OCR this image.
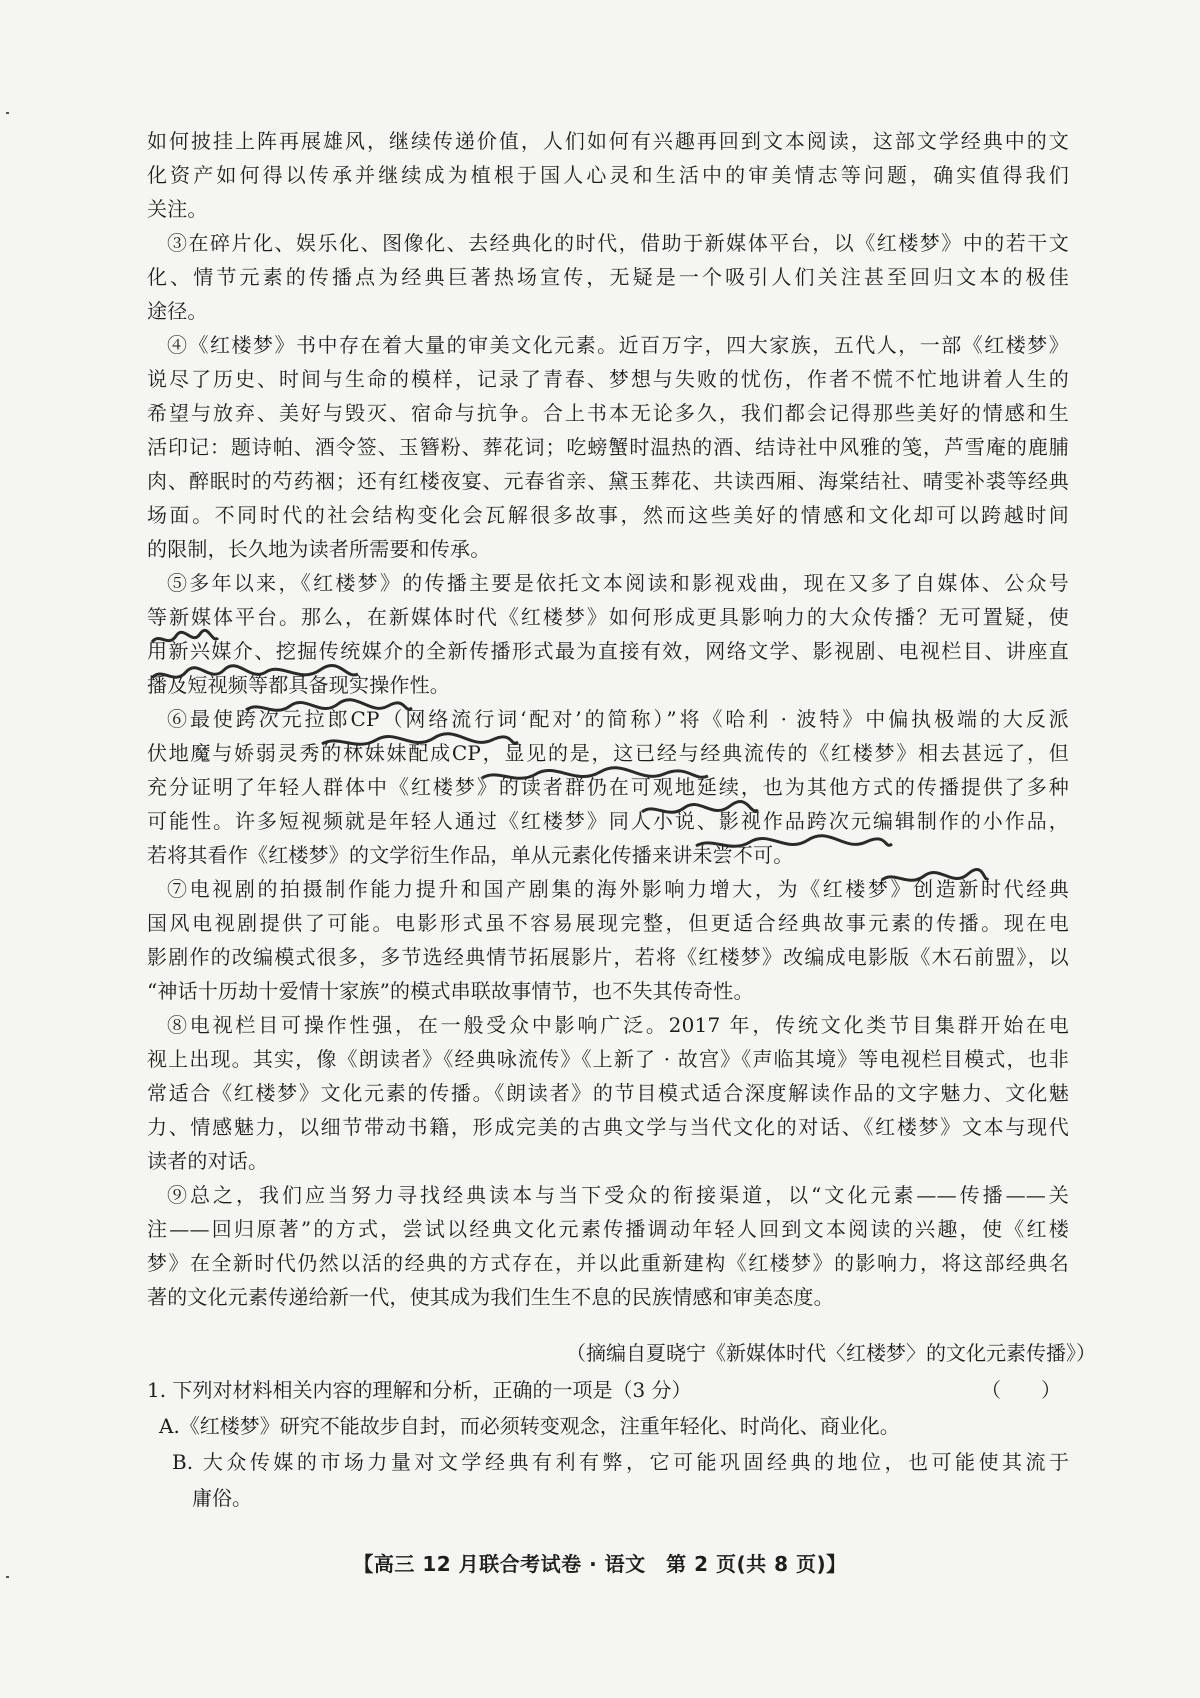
如何披挂上阵再展雄风，继续传递价值，人们如何有兴趣再回到文本阅读，这部文学经典中的文
化资产如何得以传承并继续成为植根于国人心灵和生活中的审美情志等问题，确实值得我们
关注。
③在碎片化、娱乐化、图像化、去经典化的时代，借助于新媒体平台，以《红楼梦》中的若干文
化、情节元素的传播点为经典巨著热场宣传，无疑是一个吸引人们关注甚至回归文本的极佳
途径。
④《红楼梦》书中存在着大量的审美文化元素。近百万字，四大家族，五代人，一部《红楼梦》
说尽了历史、时间与生命的模样，记录了青春、梦想与失败的忧伤，作者不慌不忙地讲着人生的
希望与放弃、美好与毁灭、宿命与抗争。合上书本无论多久，我们都会记得那些美好的情感和生
活印记：题诗帕、酒令签、玉簪粉、葬花词；吃螃蟹时温热的酒、结诗社中风雅的笺，芦雪庵的鹿脯
肉、醉眠时的芍药裀；还有红楼夜宴、元春省亲、黛玉葬花、共读西厢、海棠结社、晴雯补裘等经典
场面。不同时代的社会结构变化会瓦解很多故事，然而这些美好的情感和文化却可以跨越时间
的限制，长久地为读者所需要和传承。
⑤多年以来，《红楼梦》的传播主要是依托文本阅读和影视戏曲，现在又多了自媒体、公众号
等新媒体平台。那么，在新媒体时代《红楼梦》如何形成更具影响力的大众传播？无可置疑，使
用新兴媒介、挖掘传统媒介的全新传播形式最为直接有效，网络文学、影视剧、电视栏目、讲座直
播及短视频等都具备现实操作性。
⑥最使跨次元拉郎CP（网络流行词‘配对’的简称）”将《哈利 · 波特》中偏执极端的大反派
伏地魔与娇弱灵秀的林妹妹配成CP，显见的是，这已经与经典流传的《红楼梦》相去甚远了，但
充分证明了年轻人群体中《红楼梦》的读者群仍在可观地延续，也为其他方式的传播提供了多种
可能性。许多短视频就是年轻人通过《红楼梦》同人小说、影视作品跨次元编辑制作的小作品，
若将其看作《红楼梦》的文学衍生作品，单从元素化传播来讲未尝不可。
⑦电视剧的拍摄制作能力提升和国产剧集的海外影响力增大，为《红楼梦》创造新时代经典
国风电视剧提供了可能。电影形式虽不容易展现完整，但更适合经典故事元素的传播。现在电
影剧作的改编模式很多，多节选经典情节拓展影片，若将《红楼梦》改编成电影版《木石前盟》，以
“神话十历劫十爱情十家族”的模式串联故事情节，也不失其传奇性。
⑧电视栏目可操作性强，在一般受众中影响广泛。2017 年，传统文化类节目集群开始在电
视上出现。其实，像《朗读者》《经典咏流传》《上新了 · 故宫》《声临其境》等电视栏目模式，也非
常适合《红楼梦》文化元素的传播。《朗读者》的节目模式适合深度解读作品的文字魅力、文化魅
力、情感魅力，以细节带动书籍，形成完美的古典文学与当代文化的对话、《红楼梦》文本与现代
读者的对话。
⑨总之，我们应当努力寻找经典读本与当下受众的衔接渠道，以“文化元素——传播——关
注——回归原著”的方式，尝试以经典文化元素传播调动年轻人回到文本阅读的兴趣，使《红楼
梦》在全新时代仍然以活的经典的方式存在，并以此重新建构《红楼梦》的影响力，将这部经典名
著的文化元素传递给新一代，使其成为我们生生不息的民族情感和审美态度。
（摘编自夏晓宁《新媒体时代〈红楼梦〉的文化元素传播》）
1. 下列对材料相关内容的理解和分析，正确的一项是（3 分）	（　　）
A.《红楼梦》研究不能故步自封，而必须转变观念，注重年轻化、时尚化、商业化。
B. 大众传媒的市场力量对文学经典有利有弊，它可能巩固经典的地位，也可能使其流于
庸俗。
【高三 12 月联合考试卷 · 语文　第 2 页(共 8 页)】
